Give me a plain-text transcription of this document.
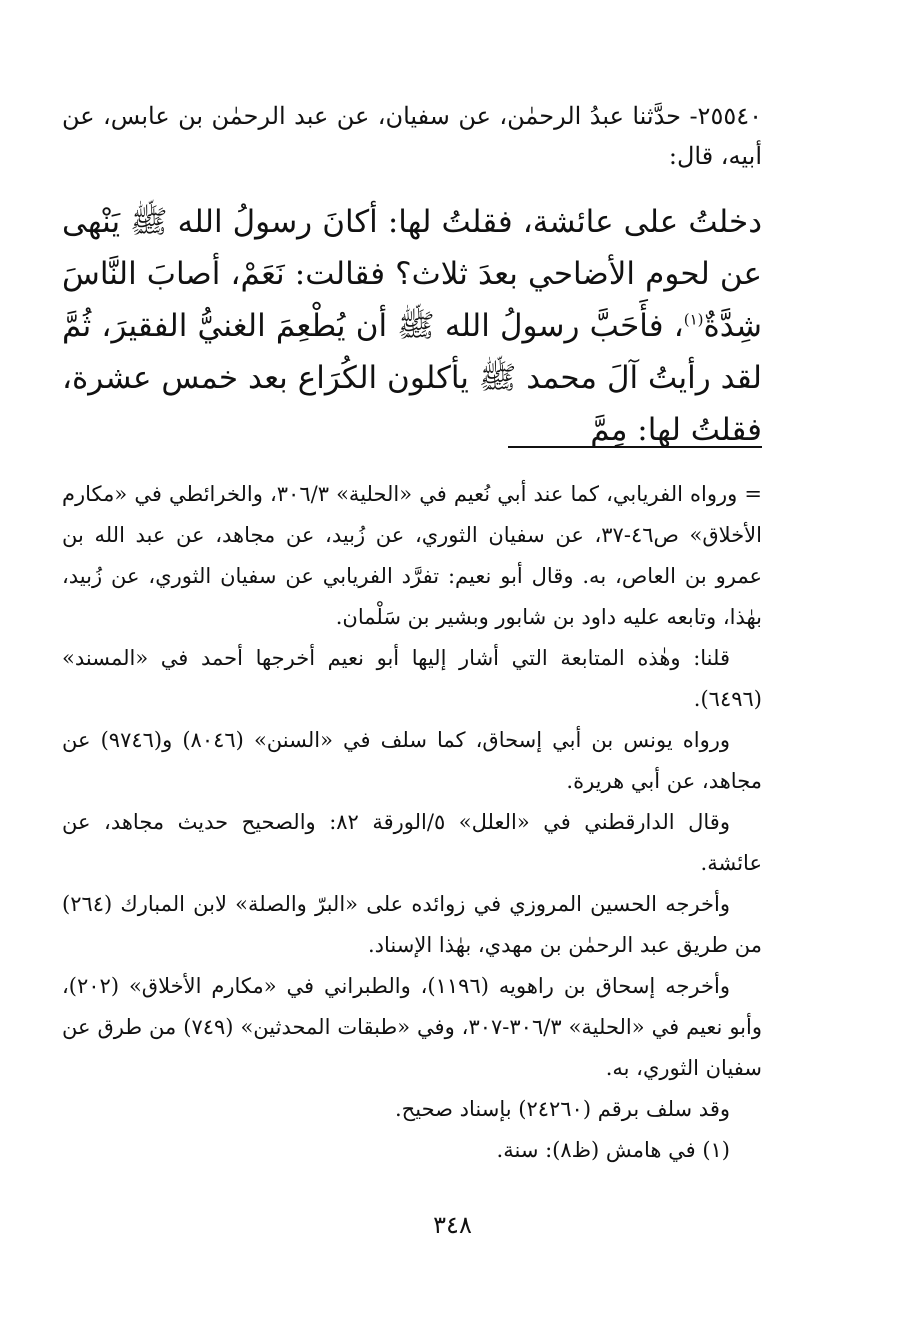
٢٥٥٤٠- حدَّثنا عبدُ الرحمٰن، عن سفيان، عن عبد الرحمٰن بن عابس، عن أبيه، قال:

دخلتُ على عائشة، فقلتُ لها: أكانَ رسولُ الله ﷺ يَنْهى عن لحوم الأضاحي بعدَ ثلاث؟ فقالت: نَعَمْ، أصابَ النَّاسَ شِدَّةٌ$^{(١)}$، فأَحَبَّ رسولُ الله ﷺ أن يُطْعِمَ الغنيُّ الفقيرَ، ثُمَّ لقد رأيتُ آلَ محمد ﷺ يأكلون الكُرَاع بعد خمس عشرة، فقلتُ لها: مِمَّ

= ورواه الفريابي، كما عند أبي نُعيم في «الحلية» ٣٠٦/٣، والخرائطي في «مكارم الأخلاق» ص٤٦-٣٧، عن سفيان الثوري، عن زُبيد، عن مجاهد، عن عبد الله بن عمرو بن العاص، به. وقال أبو نعيم: تفرَّد الفريابي عن سفيان الثوري، عن زُبيد، بهٰذا، وتابعه عليه داود بن شابور وبشير بن سَلْمان.

قلنا: وهٰذه المتابعة التي أشار إليها أبو نعيم أخرجها أحمد في «المسند» (٦٤٩٦).

ورواه يونس بن أبي إسحاق، كما سلف في «السنن» (٨٠٤٦) و(٩٧٤٦) عن مجاهد، عن أبي هريرة.

وقال الدارقطني في «العلل» ٥/الورقة ٨٢: والصحيح حديث مجاهد، عن عائشة.

وأخرجه الحسين المروزي في زوائده على «البرّ والصلة» لابن المبارك (٢٦٤) من طريق عبد الرحمٰن بن مهدي، بهٰذا الإسناد.

وأخرجه إسحاق بن راهويه (١١٩٦)، والطبراني في «مكارم الأخلاق» (٢٠٢)، وأبو نعيم في «الحلية» ٣٠٦/٣-٣٠٧، وفي «طبقات المحدثين» (٧٤٩) من طرق عن سفيان الثوري، به.

وقد سلف برقم (٢٤٢٦٠) بإسناد صحيح.

(١) في هامش (ظ٨): سنة.

٣٤٨
